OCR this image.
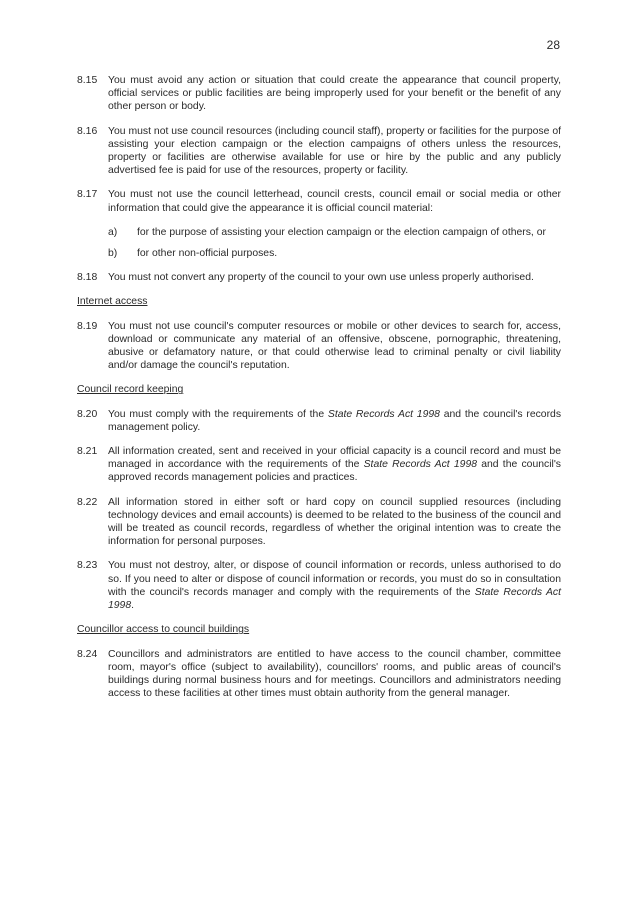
28
8.15	You must avoid any action or situation that could create the appearance that council property, official services or public facilities are being improperly used for your benefit or the benefit of any other person or body.
8.16	You must not use council resources (including council staff), property or facilities for the purpose of assisting your election campaign or the election campaigns of others unless the resources, property or facilities are otherwise available for use or hire by the public and any publicly advertised fee is paid for use of the resources, property or facility.
8.17	You must not use the council letterhead, council crests, council email or social media or other information that could give the appearance it is official council material:
a)	for the purpose of assisting your election campaign or the election campaign of others, or
b)	for other non-official purposes.
8.18	You must not convert any property of the council to your own use unless properly authorised.
Internet access
8.19	You must not use council's computer resources or mobile or other devices to search for, access, download or communicate any material of an offensive, obscene, pornographic, threatening, abusive or defamatory nature, or that could otherwise lead to criminal penalty or civil liability and/or damage the council's reputation.
Council record keeping
8.20	You must comply with the requirements of the State Records Act 1998 and the council's records management policy.
8.21	All information created, sent and received in your official capacity is a council record and must be managed in accordance with the requirements of the State Records Act 1998 and the council's approved records management policies and practices.
8.22	All information stored in either soft or hard copy on council supplied resources (including technology devices and email accounts) is deemed to be related to the business of the council and will be treated as council records, regardless of whether the original intention was to create the information for personal purposes.
8.23	You must not destroy, alter, or dispose of council information or records, unless authorised to do so. If you need to alter or dispose of council information or records, you must do so in consultation with the council's records manager and comply with the requirements of the State Records Act 1998.
Councillor access to council buildings
8.24	Councillors and administrators are entitled to have access to the council chamber, committee room, mayor's office (subject to availability), councillors' rooms, and public areas of council's buildings during normal business hours and for meetings. Councillors and administrators needing access to these facilities at other times must obtain authority from the general manager.
